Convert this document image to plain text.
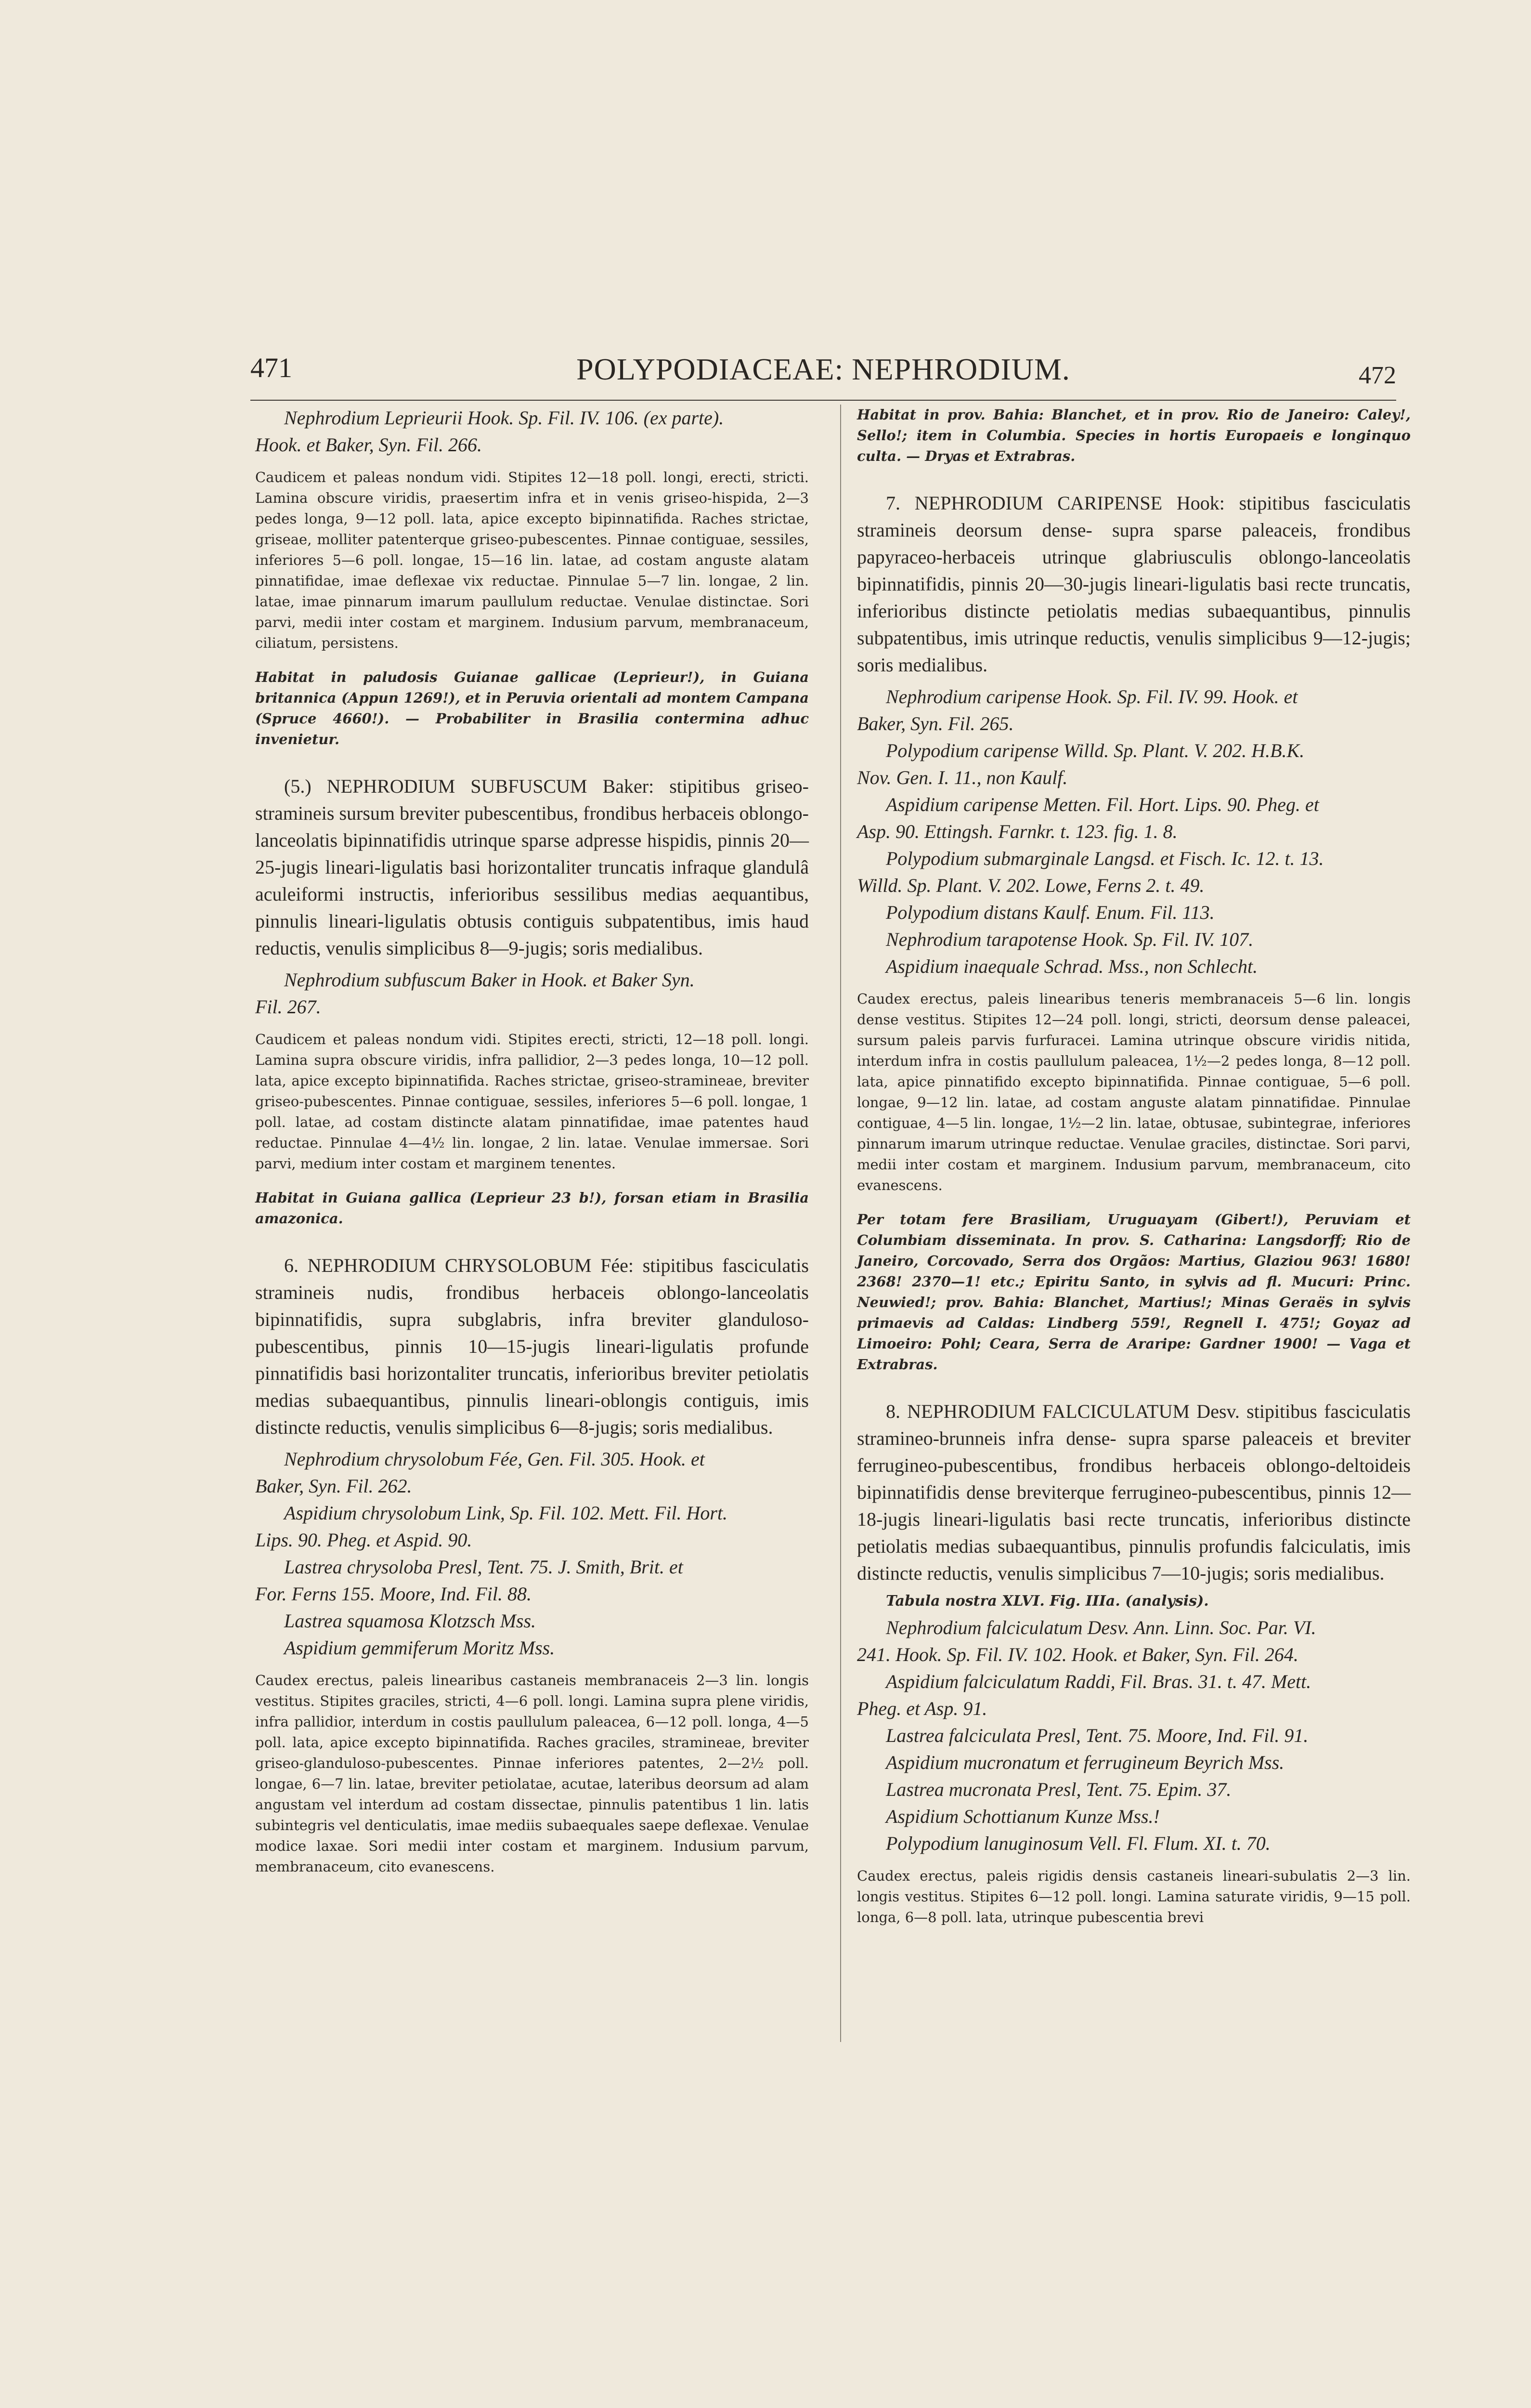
471	POLYPODIACEAE: NEPHRODIUM.	472
Nephrodium Leprieurii Hook. Sp. Fil. IV. 106. (ex parte).
Hook. et Baker, Syn. Fil. 266.

Caudicem et paleas nondum vidi. Stipites 12—18 poll. longi, erecti, stricti. Lamina obscure viridis, praesertim infra et in venis griseo-hispida, 2—3 pedes longa, 9—12 poll. lata, apice excepto bipinnatifida. Raches strictae, griseae, molliter patenterque griseo-pubescentes. Pinnae contiguae, sessiles, inferiores 5—6 poll. longae, 15—16 lin. latae, ad costam anguste alatam pinnatifidae, imae deflexae vix reductae. Pinnulae 5—7 lin. longae, 2 lin. latae, imae pinnarum imarum paullulum reductae. Venulae distinctae. Sori parvi, medii inter costam et marginem. Indusium parvum, membranaceum, ciliatum, persistens.

Habitat in paludosis Guianae gallicae (Leprieur!), in Guiana britannica (Appun 1269!), et in Peruvia orientali ad montem Campana (Spruce 4660!). — Probabiliter in Brasilia contermina adhuc invenietur.

(5.) NEPHRODIUM SUBFUSCUM Baker: stipitibus griseo-stramineis sursum breviter pubescentibus, frondibus herbaceis oblongo-lanceolatis bipinnatifidis utrinque sparse adpresse hispidis, pinnis 20—25-jugis lineari-ligulatis basi horizontaliter truncatis infraque glandulâ aculeiformi instructis, inferioribus sessilibus medias aequantibus, pinnulis lineari-ligulatis obtusis contiguis subpatentibus, imis haud reductis, venulis simplicibus 8—9-jugis; soris medialibus.

Nephrodium subfuscum Baker in Hook. et Baker Syn.
Fil. 267.

Caudicem et paleas nondum vidi. Stipites erecti, stricti, 12—18 poll. longi. Lamina supra obscure viridis, infra pallidior, 2—3 pedes longa, 10—12 poll. lata, apice excepto bipinnatifida. Raches strictae, griseo-stramineae, breviter griseo-pubescentes. Pinnae contiguae, sessiles, inferiores 5—6 poll. longae, 1 poll. latae, ad costam distincte alatam pinnatifidae, imae patentes haud reductae. Pinnulae 4—4½ lin. longae, 2 lin. latae. Venulae immersae. Sori parvi, medium inter costam et marginem tenentes.

Habitat in Guiana gallica (Leprieur 23 b!), forsan etiam in Brasilia amazonica.

6. NEPHRODIUM CHRYSOLOBUM Fée: stipitibus fasciculatis stramineis nudis, frondibus herbaceis oblongo-lanceolatis bipinnatifidis, supra subglabris, infra breviter glanduloso-pubescentibus, pinnis 10—15-jugis lineari-ligulatis profunde pinnatifidis basi horizontaliter truncatis, inferioribus breviter petiolatis medias subaequantibus, pinnulis lineari-oblongis contiguis, imis distincte reductis, venulis simplicibus 6—8-jugis; soris medialibus.

Nephrodium chrysolobum Fée, Gen. Fil. 305. Hook. et
Baker, Syn. Fil. 262.
Aspidium chrysolobum Link, Sp. Fil. 102. Mett. Fil. Hort.
Lips. 90. Pheg. et Aspid. 90.
Lastrea chrysoloba Presl, Tent. 75. J. Smith, Brit. et
For. Ferns 155. Moore, Ind. Fil. 88.
Lastrea squamosa Klotzsch Mss.
Aspidium gemmiferum Moritz Mss.

Caudex erectus, paleis linearibus castaneis membranaceis 2—3 lin. longis vestitus. Stipites graciles, stricti, 4—6 poll. longi. Lamina supra plene viridis, infra pallidior, interdum in costis paullulum paleacea, 6—12 poll. longa, 4—5 poll. lata, apice excepto bipinnatifida. Raches graciles, stramineae, breviter griseo-glanduloso-pubescentes. Pinnae inferiores patentes, 2—2½ poll. longae, 6—7 lin. latae, breviter petiolatae, acutae, lateribus deorsum ad alam angustam vel interdum ad costam dissectae, pinnulis patentibus 1 lin. latis subintegris vel denticulatis, imae mediis subaequales saepe deflexae. Venulae modice laxae. Sori medii inter costam et marginem. Indusium parvum, membranaceum, cito evanescens.

Habitat in prov. Bahia: Blanchet, et in prov. Rio de Janeiro: Caley!, Sello!; item in Columbia. Species in hortis Europaeis e longinquo culta. — Dryas et Extrabras.

7. NEPHRODIUM CARIPENSE Hook: stipitibus fasciculatis stramineis deorsum dense- supra sparse paleaceis, frondibus papyraceo-herbaceis utrinque glabriusculis oblongo-lanceolatis bipinnatifidis, pinnis 20—30-jugis lineari-ligulatis basi recte truncatis, inferioribus distincte petiolatis medias subaequantibus, pinnulis subpatentibus, imis utrinque reductis, venulis simplicibus 9—12-jugis; soris medialibus.

Nephrodium caripense Hook. Sp. Fil. IV. 99. Hook. et
Baker, Syn. Fil. 265.
Polypodium caripense Willd. Sp. Plant. V. 202. H.B.K.
Nov. Gen. I. 11., non Kaulf.
Aspidium caripense Metten. Fil. Hort. Lips. 90. Pheg. et
Asp. 90. Ettingsh. Farnkr. t. 123. fig. 1. 8.
Polypodium submarginale Langsd. et Fisch. Ic. 12. t. 13.
Willd. Sp. Plant. V. 202. Lowe, Ferns 2. t. 49.
Polypodium distans Kaulf. Enum. Fil. 113.
Nephrodium tarapotense Hook. Sp. Fil. IV. 107.
Aspidium inaequale Schrad. Mss., non Schlecht.

Caudex erectus, paleis linearibus teneris membranaceis 5—6 lin. longis dense vestitus. Stipites 12—24 poll. longi, stricti, deorsum dense paleacei, sursum paleis parvis furfuracei. Lamina utrinque obscure viridis nitida, interdum infra in costis paullulum paleacea, 1½—2 pedes longa, 8—12 poll. lata, apice pinnatifido excepto bipinnatifida. Pinnae contiguae, 5—6 poll. longae, 9—12 lin. latae, ad costam anguste alatam pinnatifidae. Pinnulae contiguae, 4—5 lin. longae, 1½—2 lin. latae, obtusae, subintegrae, inferiores pinnarum imarum utrinque reductae. Venulae graciles, distinctae. Sori parvi, medii inter costam et marginem. Indusium parvum, membranaceum, cito evanescens.

Per totam fere Brasiliam, Uruguayam (Gibert!), Peruviam et Columbiam disseminata. In prov. S. Catharina: Langsdorff; Rio de Janeiro, Corcovado, Serra dos Orgãos: Martius, Glaziou 963! 1680! 2368! 2370—1! etc.; Epiritu Santo, in sylvis ad fl. Mucuri: Princ. Neuwied!; prov. Bahia: Blanchet, Martius!; Minas Geraës in sylvis primaevis ad Caldas: Lindberg 559!, Regnell I. 475!; Goyaz ad Limoeiro: Pohl; Ceara, Serra de Araripe: Gardner 1900! — Vaga et Extrabras.

8. NEPHRODIUM FALCICULATUM Desv. stipitibus fasciculatis stramineo-brunneis infra dense- supra sparse paleaceis et breviter ferrugineo-pubescentibus, frondibus herbaceis oblongo-deltoideis bipinnatifidis dense breviterque ferrugineo-pubescentibus, pinnis 12—18-jugis lineari-ligulatis basi recte truncatis, inferioribus distincte petiolatis medias subaequantibus, pinnulis profundis falciculatis, imis distincte reductis, venulis simplicibus 7—10-jugis; soris medialibus.

Tabula nostra XLVI. Fig. IIIa. (analysis).
Nephrodium falciculatum Desv. Ann. Linn. Soc. Par. VI.
241. Hook. Sp. Fil. IV. 102. Hook. et Baker, Syn. Fil. 264.
Aspidium falciculatum Raddi, Fil. Bras. 31. t. 47. Mett.
Pheg. et Asp. 91.
Lastrea falciculata Presl, Tent. 75. Moore, Ind. Fil. 91.
Aspidium mucronatum et ferrugineum Beyrich Mss.
Lastrea mucronata Presl, Tent. 75. Epim. 37.
Aspidium Schottianum Kunze Mss.!
Polypodium lanuginosum Vell. Fl. Flum. XI. t. 70.

Caudex erectus, paleis rigidis densis castaneis lineari-subulatis 2—3 lin. longis vestitus. Stipites 6—12 poll. longi. Lamina saturate viridis, 9—15 poll. longa, 6—8 poll. lata, utrinque pubescentia brevi
